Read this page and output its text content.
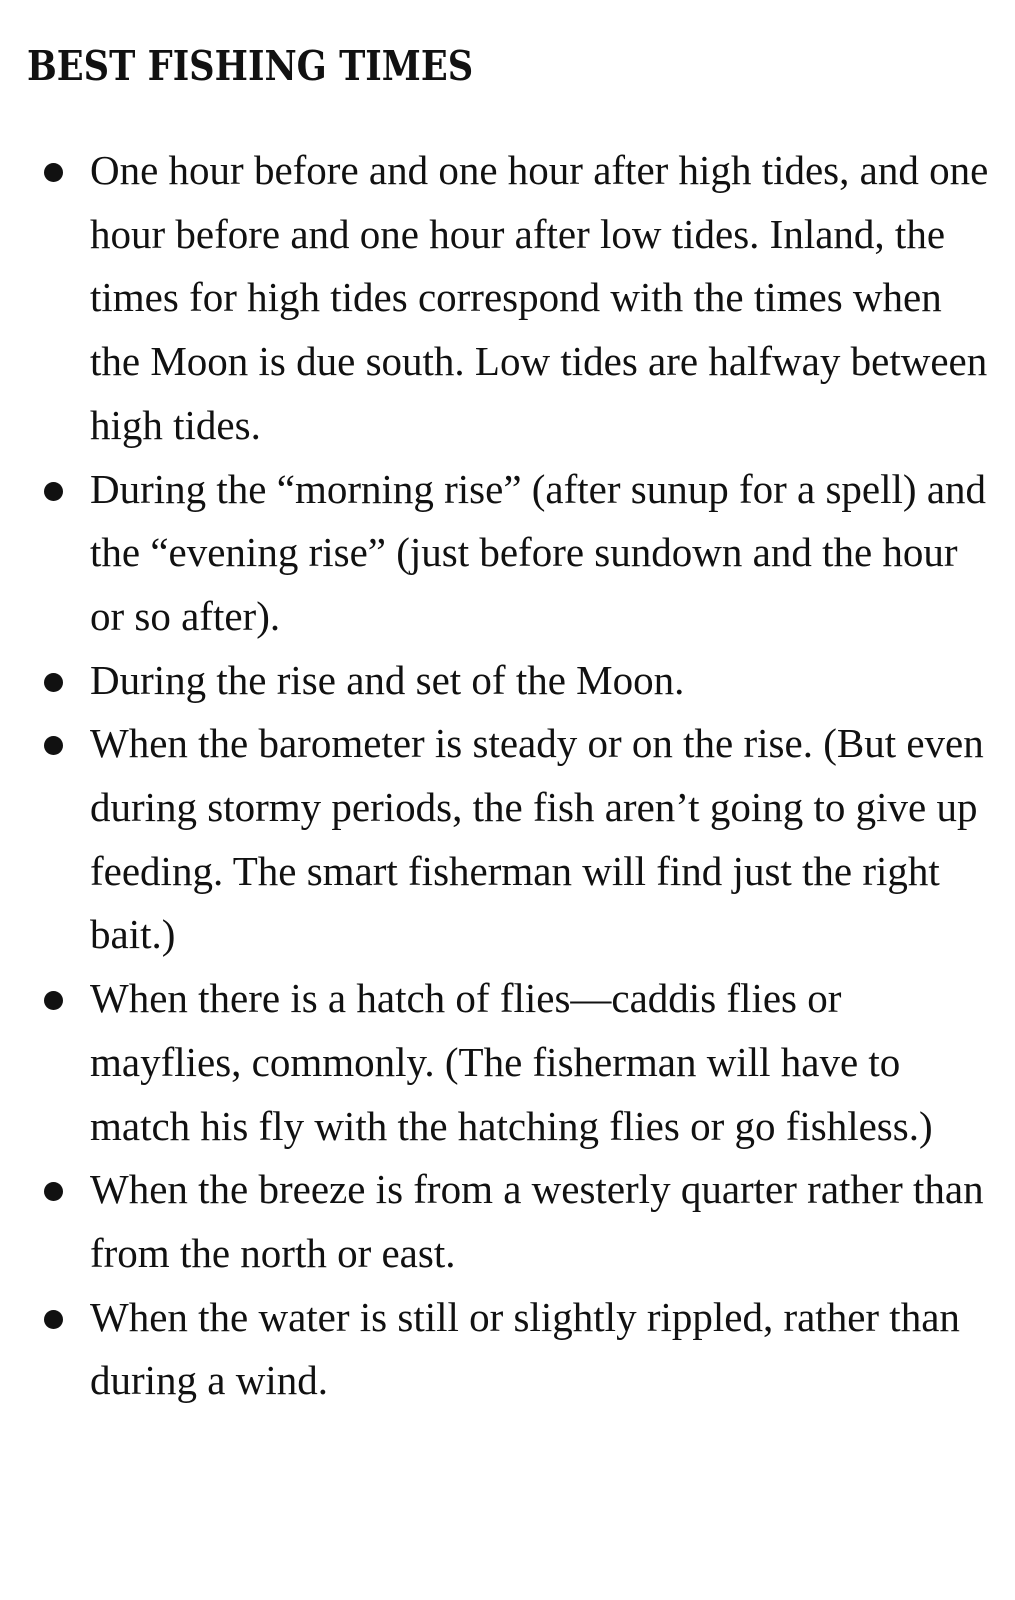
BEST FISHING TIMES
One hour before and one hour after high tides, and one hour before and one hour after low tides. Inland, the times for high tides correspond with the times when the Moon is due south. Low tides are halfway between high tides.
During the “morning rise” (after sunup for a spell) and the “evening rise” (just before sundown and the hour or so after).
During the rise and set of the Moon.
When the barometer is steady or on the rise. (But even during stormy periods, the fish aren’t going to give up feeding. The smart fisherman will find just the right bait.)
When there is a hatch of flies—caddis flies or mayflies, commonly. (The fisherman will have to match his fly with the hatching flies or go fishless.)
When the breeze is from a westerly quarter rather than from the north or east.
When the water is still or slightly rippled, rather than during a wind.
